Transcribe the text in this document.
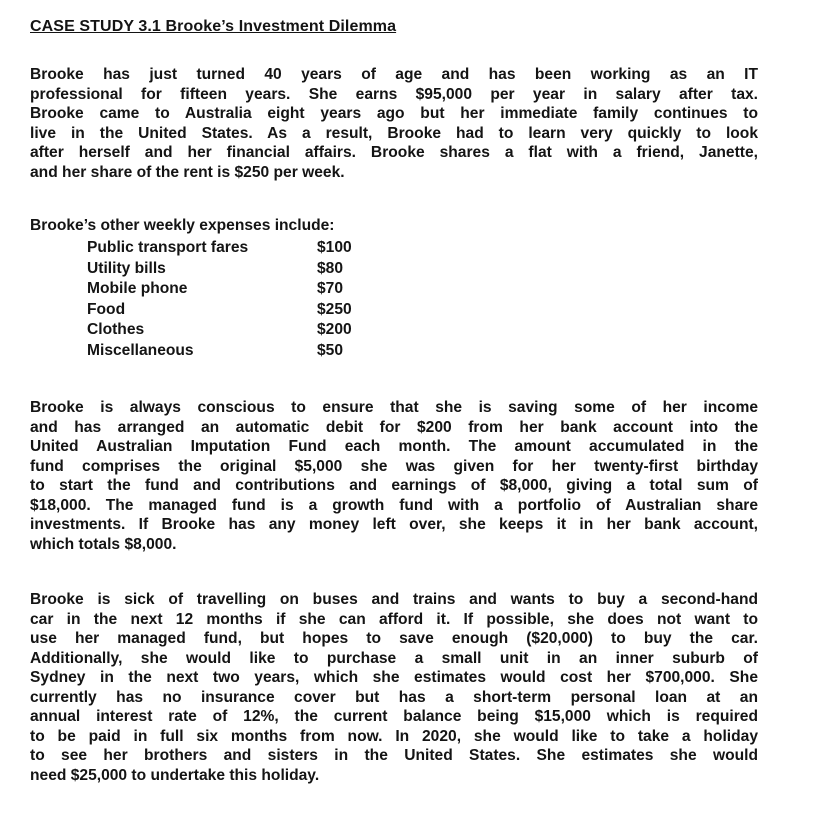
CASE STUDY 3.1 Brooke’s Investment Dilemma
Brooke has just turned 40 years of age and has been working as an IT
professional for fifteen years. She earns $95,000 per year in salary after tax.
Brooke came to Australia eight years ago but her immediate family continues to
live in the United States. As a result, Brooke had to learn very quickly to look
after herself and her financial affairs. Brooke shares a flat with a friend, Janette,
and her share of the rent is $250 per week.
Brooke’s other weekly expenses include:
Public transport fares	$100
Utility bills	$80
Mobile phone	$70
Food	$250
Clothes	$200
Miscellaneous	$50
Brooke is always conscious to ensure that she is saving some of her income
and has arranged an automatic debit for $200 from her bank account into the
United Australian Imputation Fund each month. The amount accumulated in the
fund comprises the original $5,000 she was given for her twenty-first birthday
to start the fund and contributions and earnings of $8,000, giving a total sum of
$18,000. The managed fund is a growth fund with a portfolio of Australian share
investments. If Brooke has any money left over, she keeps it in her bank account,
which totals $8,000.
Brooke is sick of travelling on buses and trains and wants to buy a second-hand
car in the next 12 months if she can afford it. If possible, she does not want to
use her managed fund, but hopes to save enough ($20,000) to buy the car.
Additionally, she would like to purchase a small unit in an inner suburb of
Sydney in the next two years, which she estimates would cost her $700,000. She
currently has no insurance cover but has a short-term personal loan at an
annual interest rate of 12%, the current balance being $15,000 which is required
to be paid in full six months from now. In 2020, she would like to take a holiday
to see her brothers and sisters in the United States. She estimates she would
need $25,000 to undertake this holiday.
